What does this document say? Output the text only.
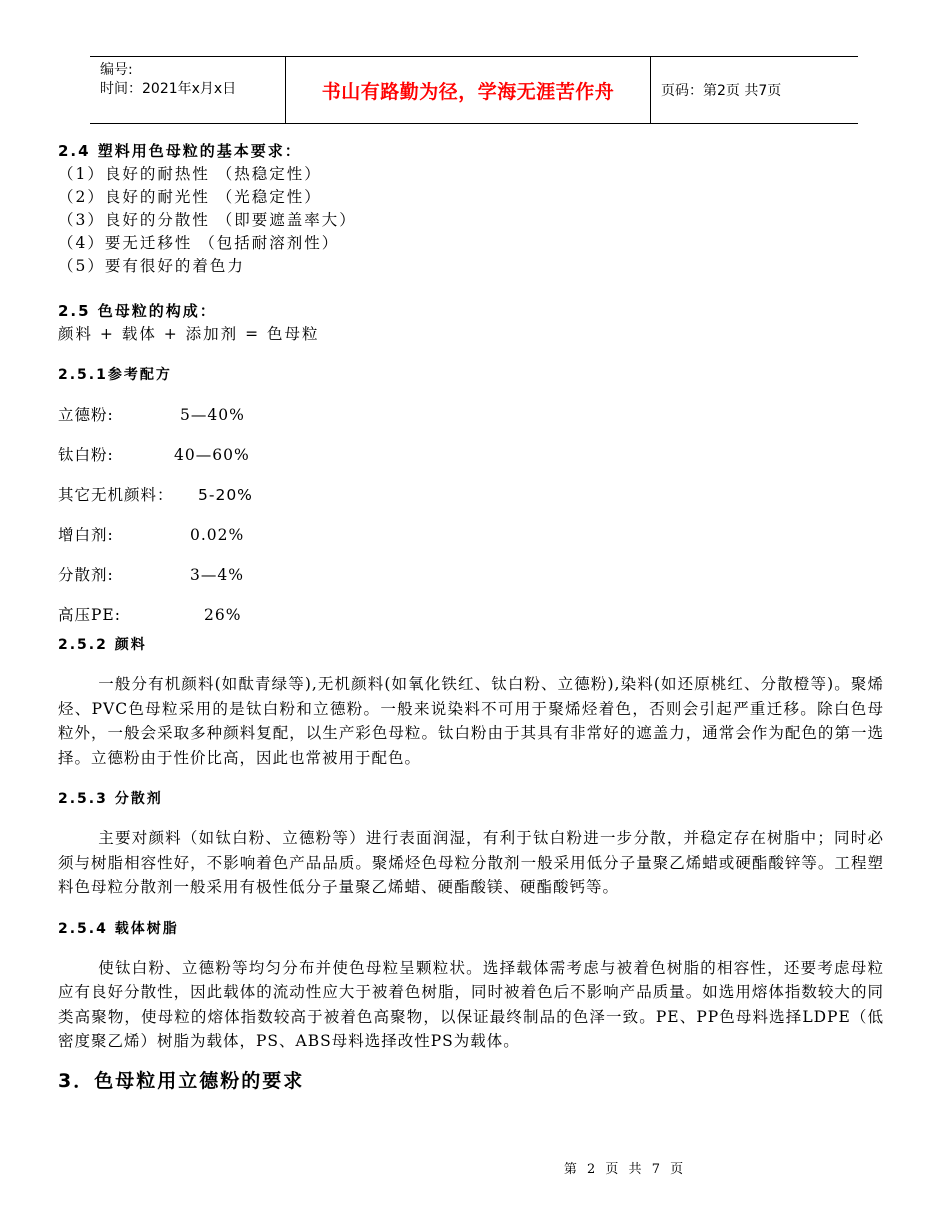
编号:
时间：2021年x月x日	书山有路勤为径，学海无涯苦作舟	页码：第2页 共7页
2.4 塑料用色母粒的基本要求：
（1）良好的耐热性 （热稳定性）
（2）良好的耐光性 （光稳定性）
（3）良好的分散性 （即要遮盖率大）
（4）要无迁移性 （包括耐溶剂性）
（5）要有很好的着色力
2.5 色母粒的构成：
颜料 + 载体 + 添加剂 = 色母粒
2.5.1参考配方
立德粉:	5—40%
钛白粉:	40—60%
其它无机颜料：	5-20%
增白剂:	0.02%
分散剂:	3—4%
高压PE:	26%
2.5.2 颜料
一般分有机颜料(如酞青绿等),无机颜料(如氧化铁红、钛白粉、立德粉),染料(如还原桃红、分散橙等)。聚烯烃、PVC色母粒采用的是钛白粉和立德粉。一般来说染料不可用于聚烯烃着色，否则会引起严重迁移。除白色母粒外，一般会采取多种颜料复配，以生产彩色母粒。钛白粉由于其具有非常好的遮盖力，通常会作为配色的第一选择。立德粉由于性价比高，因此也常被用于配色。
2.5.3 分散剂
主要对颜料（如钛白粉、立德粉等）进行表面润湿，有利于钛白粉进一步分散，并稳定存在树脂中；同时必须与树脂相容性好，不影响着色产品品质。聚烯烃色母粒分散剂一般采用低分子量聚乙烯蜡或硬酯酸锌等。工程塑料色母粒分散剂一般采用有极性低分子量聚乙烯蜡、硬酯酸镁、硬酯酸钙等。
2.5.4 载体树脂
使钛白粉、立德粉等均匀分布并使色母粒呈颗粒状。选择载体需考虑与被着色树脂的相容性，还要考虑母粒应有良好分散性，因此载体的流动性应大于被着色树脂，同时被着色后不影响产品质量。如选用熔体指数较大的同类高聚物，使母粒的熔体指数较高于被着色高聚物，以保证最终制品的色泽一致。PE、PP色母料选择LDPE（低密度聚乙烯）树脂为载体，PS、ABS母料选择改性PS为载体。
3．色母粒用立德粉的要求
第 2 页 共 7 页
